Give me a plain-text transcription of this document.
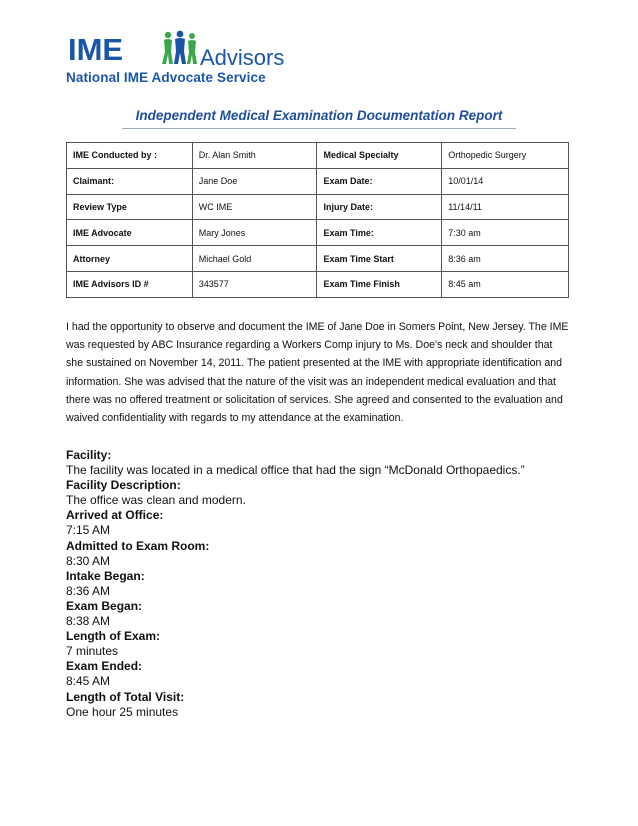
IME	Advisors
National IME Advocate Service
Independent Medical Examination Documentation Report
IME Conducted by :	Dr. Alan Smith	Medical Specialty	Orthopedic Surgery
Claimant:	Jane Doe	Exam Date:	10/01/14
Review Type	WC IME	Injury Date:	11/14/11
IME Advocate	Mary Jones	Exam Time:	7:30 am
Attorney	Michael Gold	Exam Time Start	8:36 am
IME Advisors ID #	343577	Exam Time Finish	8:45 am
I had the opportunity to observe and document the IME of Jane Doe in Somers Point, New Jersey. The IME was requested by ABC Insurance regarding a Workers Comp injury to Ms. Doe's neck and shoulder that she sustained on November 14, 2011. The patient presented at the IME with appropriate identification and information. She was advised that the nature of the visit was an independent medical evaluation and that there was no offered treatment or solicitation of services. She agreed and consented to the evaluation and waived confidentiality with regards to my attendance at the examination.
Facility:
The facility was located in a medical office that had the sign “McDonald Orthopaedics.”
Facility Description:
The office was clean and modern.
Arrived at Office:
7:15 AM
Admitted to Exam Room:
8:30 AM
Intake Began:
8:36 AM
Exam Began:
8:38 AM
Length of Exam:
7 minutes
Exam Ended:
8:45 AM
Length of Total Visit:
One hour 25 minutes
